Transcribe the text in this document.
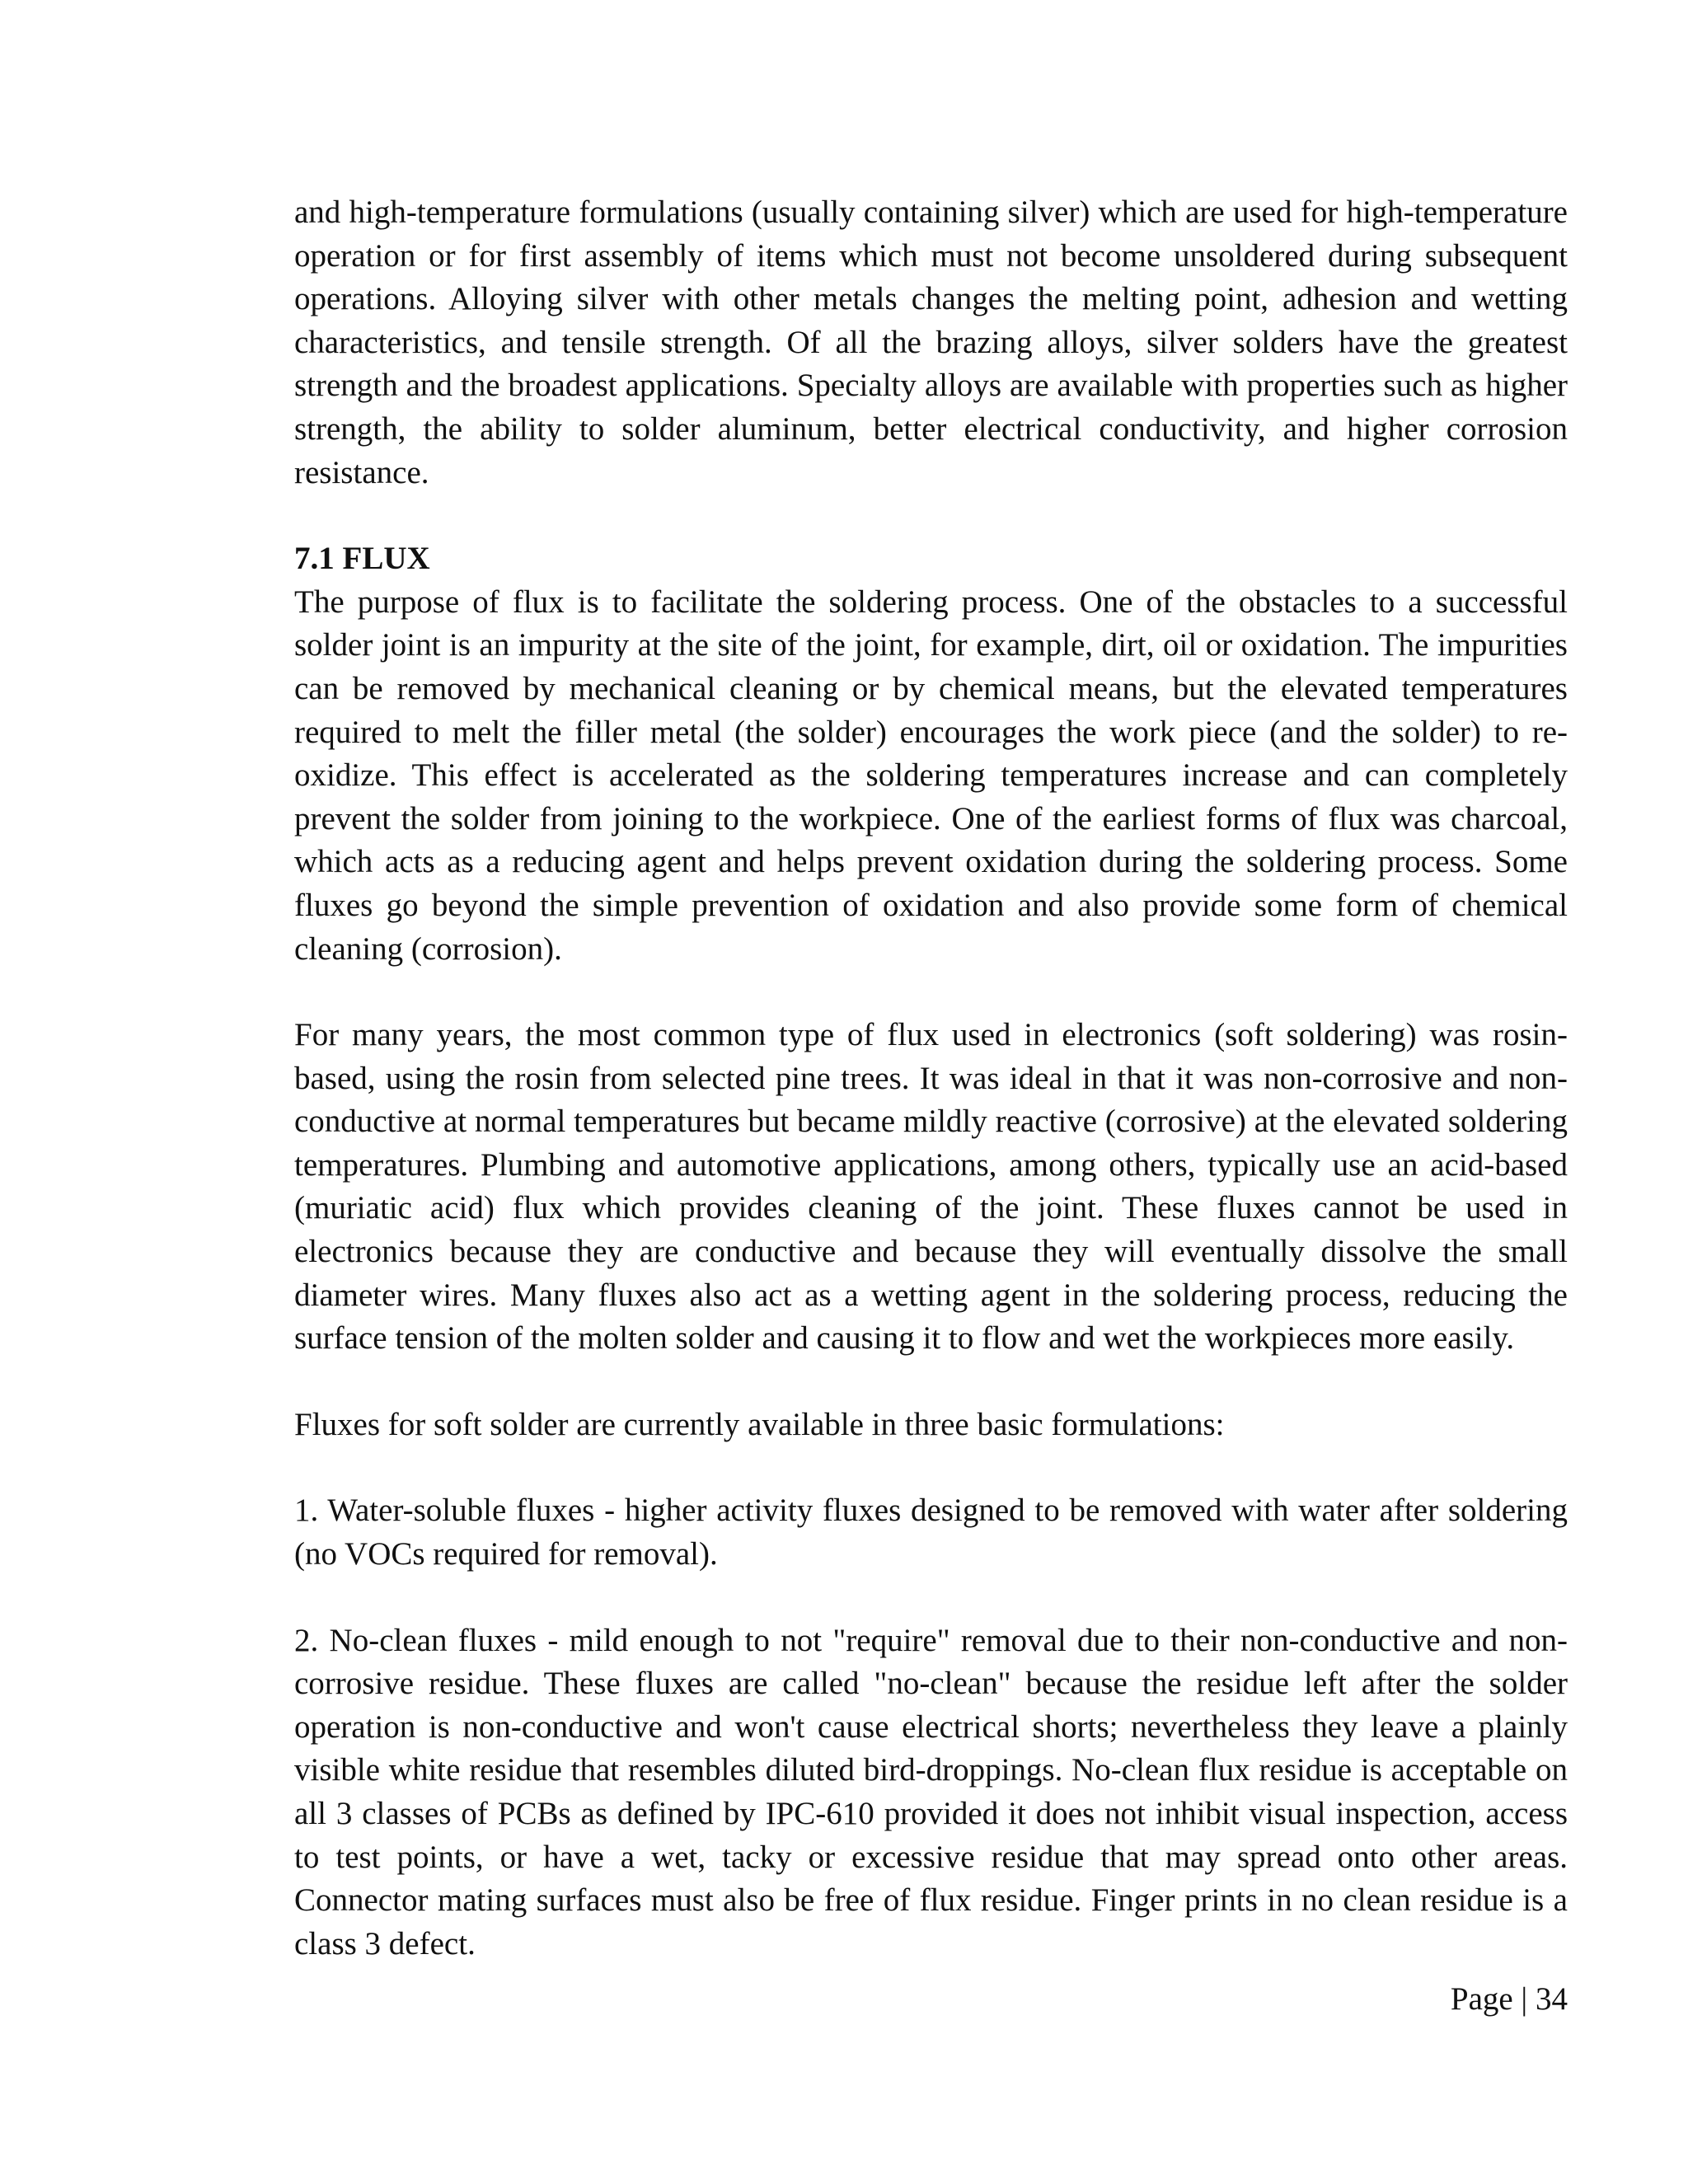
and high-temperature formulations (usually containing silver) which are used for high-temperature operation or for first assembly of items which must not become unsoldered during subsequent operations. Alloying silver with other metals changes the melting point, adhesion and wetting characteristics, and tensile strength. Of all the brazing alloys, silver solders have the greatest strength and the broadest applications. Specialty alloys are available with properties such as higher strength, the ability to solder aluminum, better electrical conductivity, and higher corrosion resistance.

7.1 FLUX

The purpose of flux is to facilitate the soldering process. One of the obstacles to a successful solder joint is an impurity at the site of the joint, for example, dirt, oil or oxidation. The impurities can be removed by mechanical cleaning or by chemical means, but the elevated temperatures required to melt the filler metal (the solder) encourages the work piece (and the solder) to re-oxidize. This effect is accelerated as the soldering temperatures increase and can completely prevent the solder from joining to the workpiece. One of the earliest forms of flux was charcoal, which acts as a reducing agent and helps prevent oxidation during the soldering process. Some fluxes go beyond the simple prevention of oxidation and also provide some form of chemical cleaning (corrosion).

For many years, the most common type of flux used in electronics (soft soldering) was rosin-based, using the rosin from selected pine trees. It was ideal in that it was non-corrosive and non-conductive at normal temperatures but became mildly reactive (corrosive) at the elevated soldering temperatures. Plumbing and automotive applications, among others, typically use an acid-based (muriatic acid) flux which provides cleaning of the joint. These fluxes cannot be used in electronics because they are conductive and because they will eventually dissolve the small diameter wires. Many fluxes also act as a wetting agent in the soldering process, reducing the surface tension of the molten solder and causing it to flow and wet the workpieces more easily.

Fluxes for soft solder are currently available in three basic formulations:

1. Water-soluble fluxes - higher activity fluxes designed to be removed with water after soldering (no VOCs required for removal).

2. No-clean fluxes - mild enough to not "require" removal due to their non-conductive and non-corrosive residue. These fluxes are called "no-clean" because the residue left after the solder operation is non-conductive and won't cause electrical shorts; nevertheless they leave a plainly visible white residue that resembles diluted bird-droppings. No-clean flux residue is acceptable on all 3 classes of PCBs as defined by IPC-610 provided it does not inhibit visual inspection, access to test points, or have a wet, tacky or excessive residue that may spread onto other areas. Connector mating surfaces must also be free of flux residue. Finger prints in no clean residue is a class 3 defect.

Page | 34
